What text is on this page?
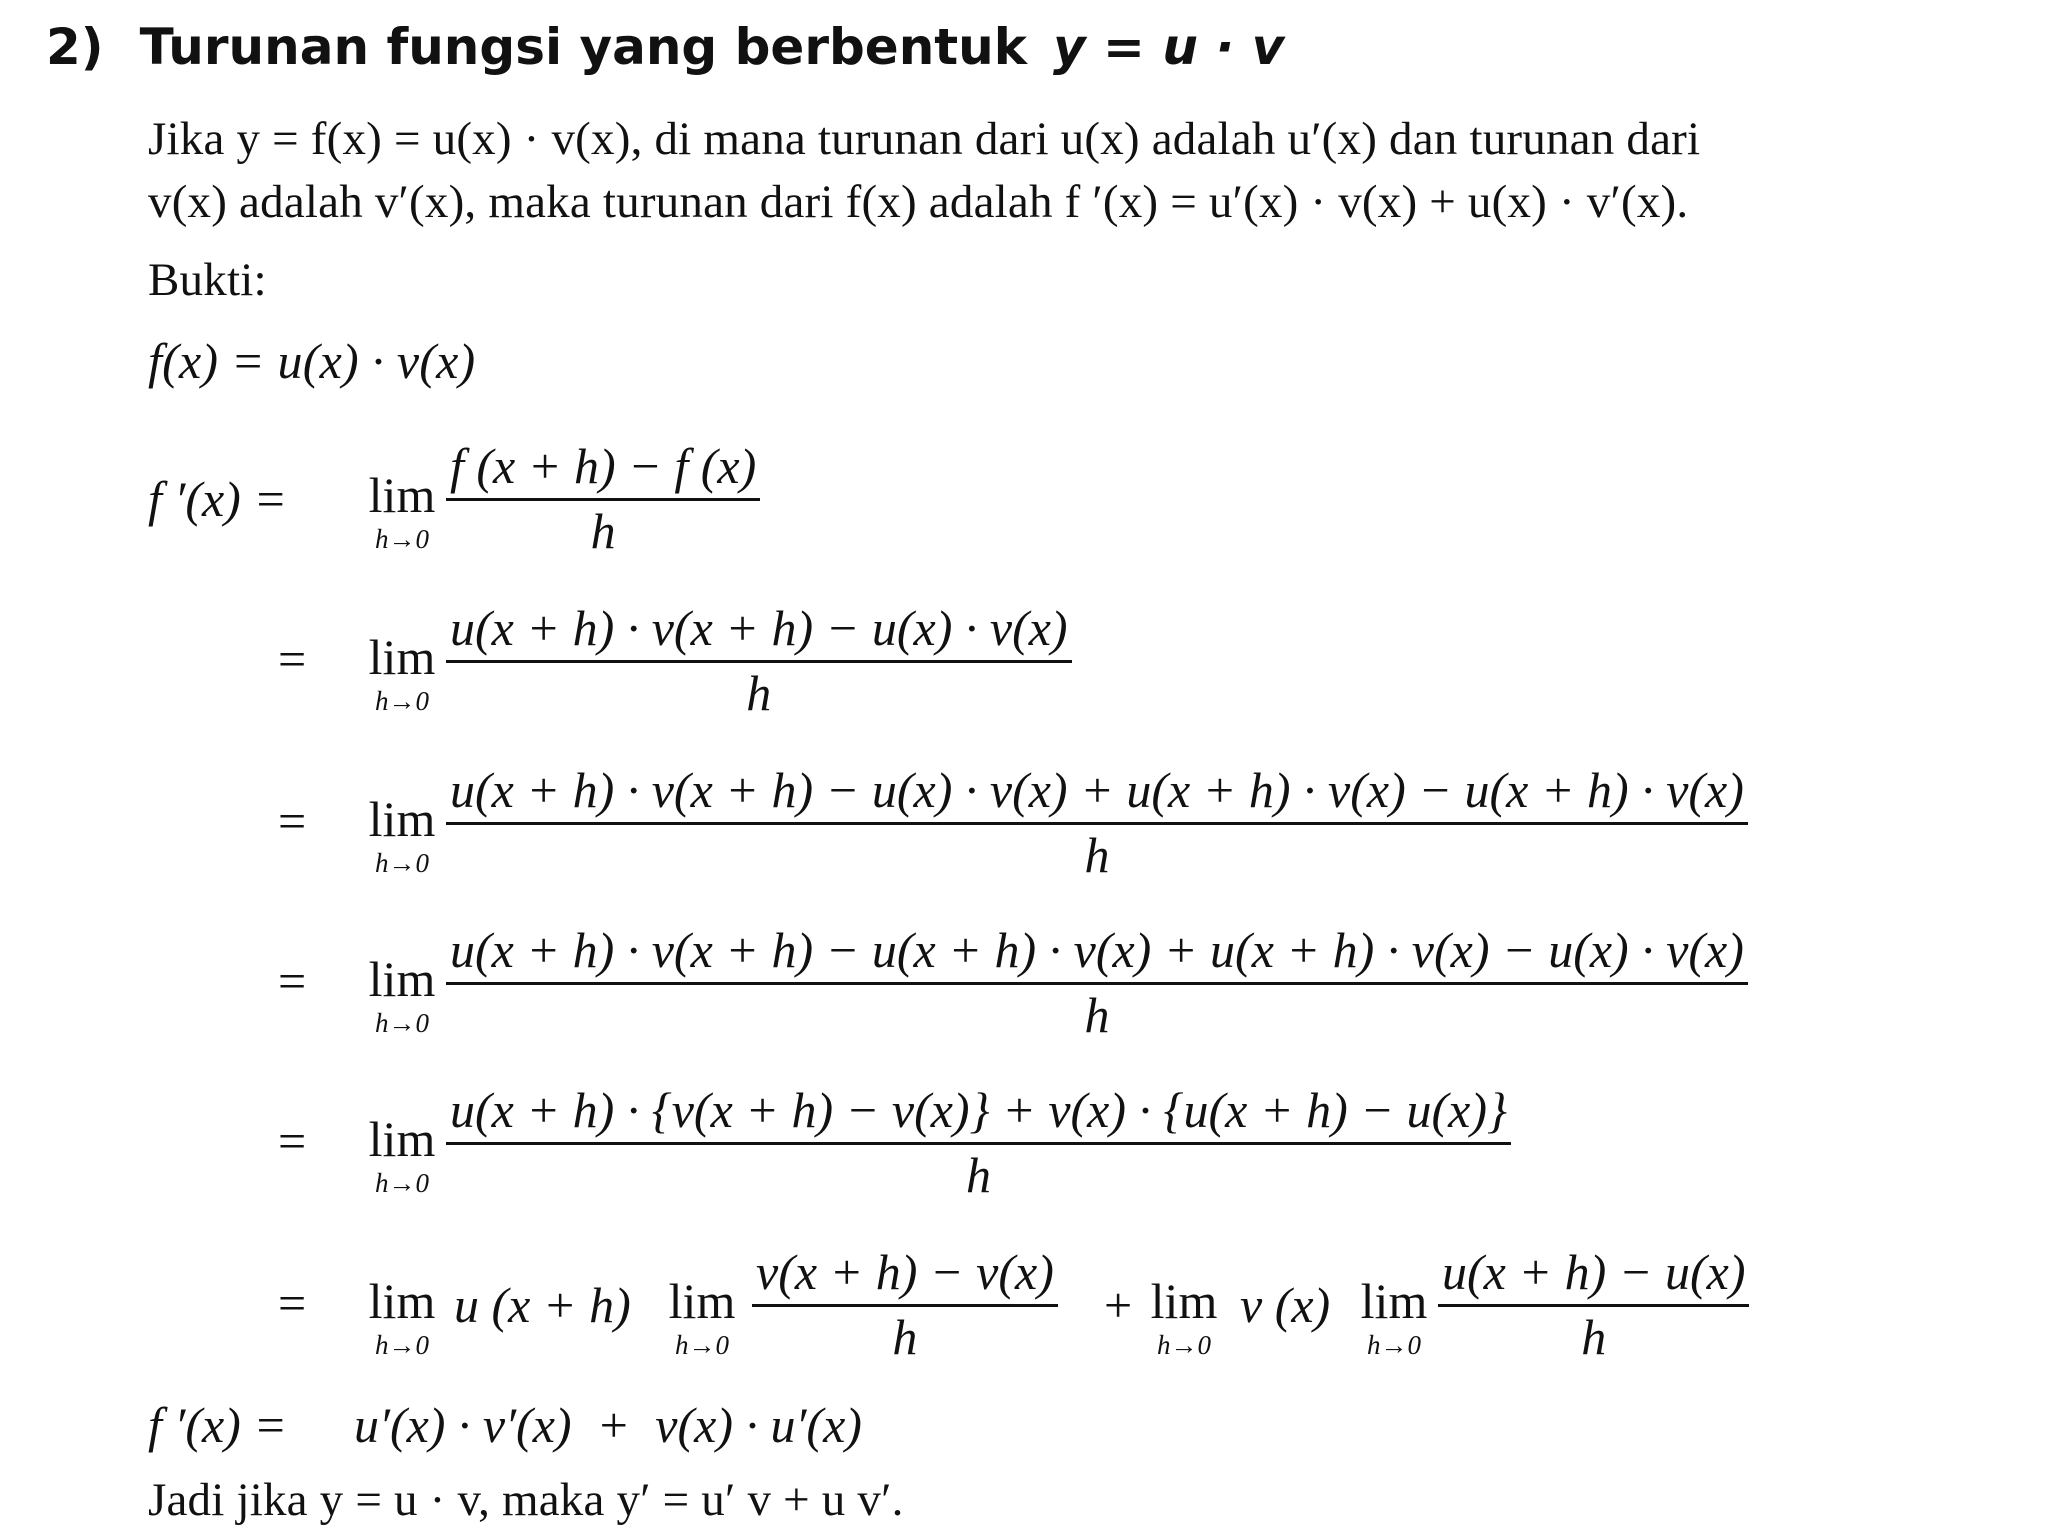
2) Turunan fungsi yang berbentuk y = u · v
Jika y = f(x) = u(x) · v(x), di mana turunan dari u(x) adalah u′(x) dan turunan dari
v(x) adalah v′(x), maka turunan dari f(x) adalah f ′(x) = u′(x) · v(x) + u(x) · v′(x).
Bukti:
f(x) = u(x) · v(x)
f ′(x) = lim
$h\to 0 \frac{f (x + h) - f (x)}{h}$
= lim
$h\to 0 \frac{u(x + h) \cdot v(x + h) - u(x) \cdot v(x)}{h}$
= lim
h→0
u(x + h) · v(x + h) − u(x) · v(x) + u(x + h) · v(x) − u(x + h) · v(x)
h
= lim
h→0
u(x + h) · v(x + h) − u(x + h) · v(x) + u(x + h) · v(x) − u(x) · v(x)
h
= lim
$h\to 0 \frac{u(x + h) \cdot \{v(x + h) - v(x)\} + v(x) \cdot \{u(x + h) - u(x)\}}{h}$
= lim
h→0
u (x + h) lim
$h\to 0 \frac{v(x + h) - v(x)}{h} + \lim$
h→0
v (x) lim
$h\to 0 \frac{u(x + h) - u(x)}{h}$
f ′(x) = u′(x) · v′(x)  +  v(x) · u′(x)
Jadi jika y = u · v, maka y′ = u′ v + u v′.
